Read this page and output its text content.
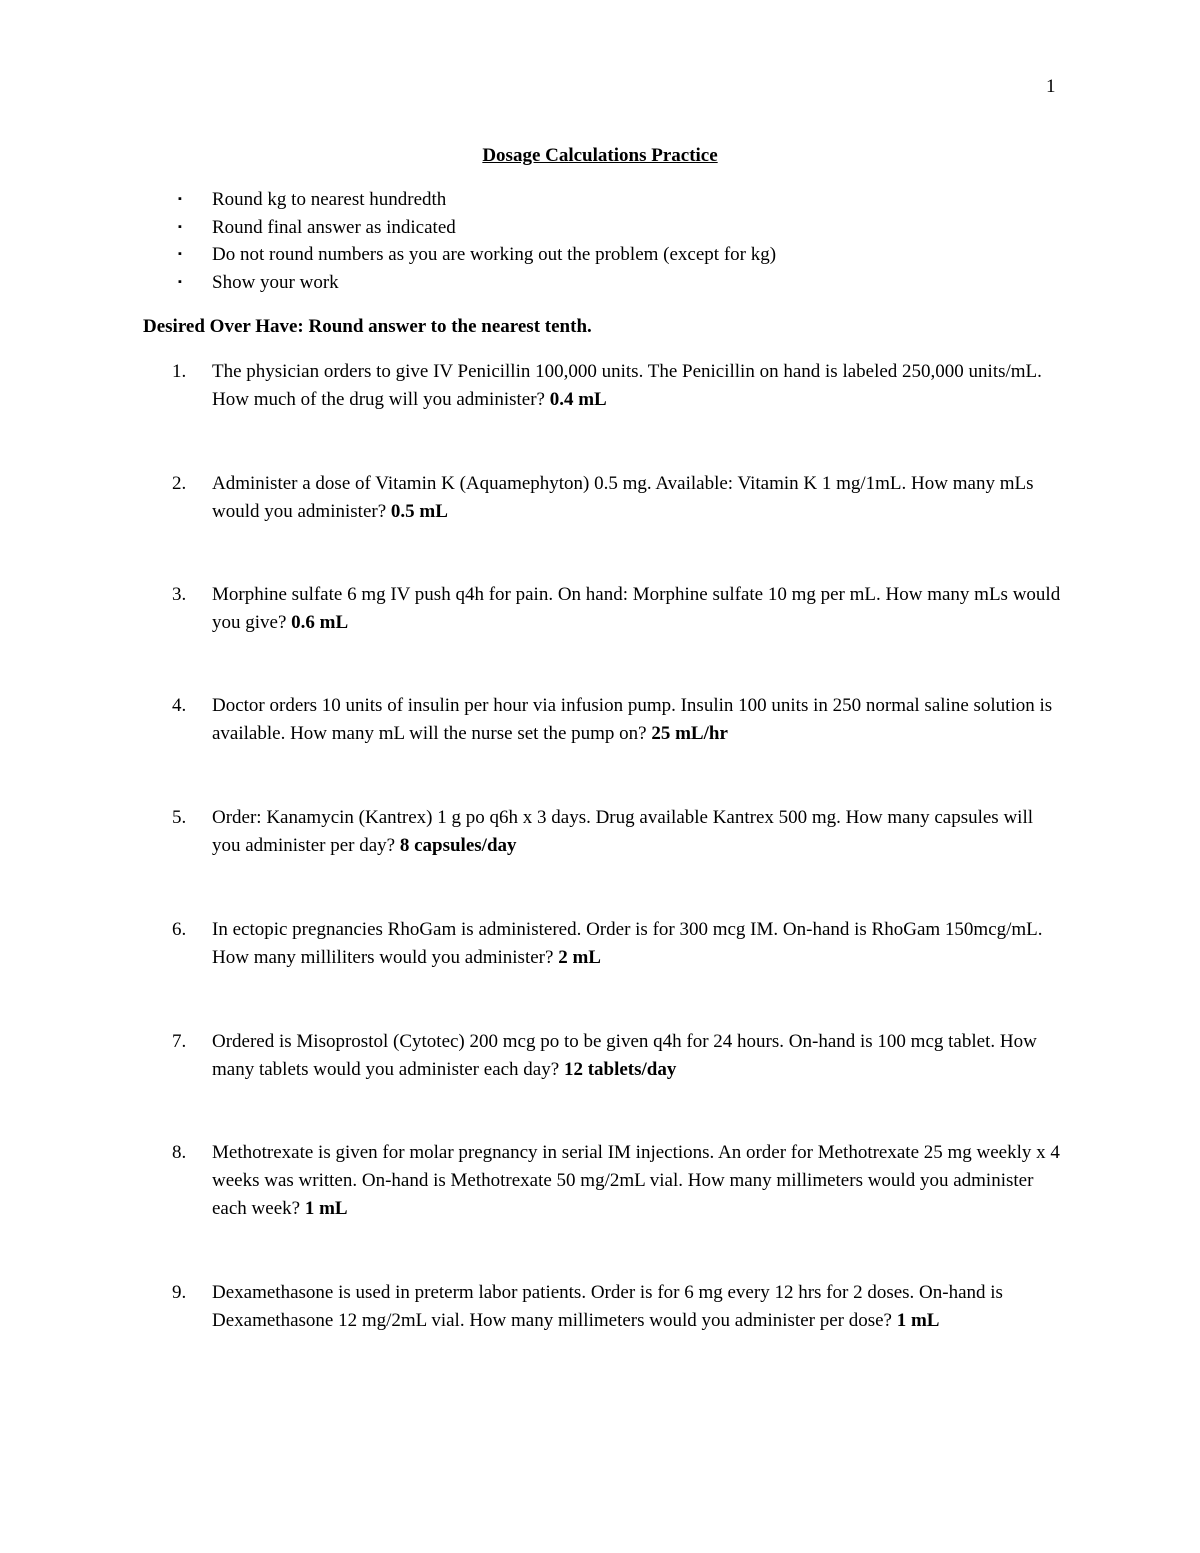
1
Dosage Calculations Practice
▪ Round kg to nearest hundredth
▪ Round final answer as indicated
▪ Do not round numbers as you are working out the problem (except for kg)
▪ Show your work
Desired Over Have: Round answer to the nearest tenth.
1.	The physician orders to give IV Penicillin 100,000 units. The Penicillin on hand is labeled 250,000 units/mL. How much of the drug will you administer? 0.4 mL
2.	Administer a dose of Vitamin K (Aquamephyton) 0.5 mg. Available: Vitamin K 1 mg/1mL. How many mLs would you administer? 0.5 mL
3.	Morphine sulfate 6 mg IV push q4h for pain. On hand: Morphine sulfate 10 mg per mL. How many mLs would you give? 0.6 mL
4.	Doctor orders 10 units of insulin per hour via infusion pump. Insulin 100 units in 250 normal saline solution is available. How many mL will the nurse set the pump on? 25 mL/hr
5.	Order: Kanamycin (Kantrex) 1 g po q6h x 3 days. Drug available Kantrex 500 mg. How many capsules will you administer per day? 8 capsules/day
6.	In ectopic pregnancies RhoGam is administered. Order is for 300 mcg IM. On-hand is RhoGam 150mcg/mL. How many milliliters would you administer? 2 mL
7.	Ordered is Misoprostol (Cytotec) 200 mcg po to be given q4h for 24 hours. On-hand is 100 mcg tablet. How many tablets would you administer each day? 12 tablets/day
8.	Methotrexate is given for molar pregnancy in serial IM injections. An order for Methotrexate 25 mg weekly x 4 weeks was written. On-hand is Methotrexate 50 mg/2mL vial. How many millimeters would you administer each week? 1 mL
9.	Dexamethasone is used in preterm labor patients. Order is for 6 mg every 12 hrs for 2 doses. On-hand is Dexamethasone 12 mg/2mL vial. How many millimeters would you administer per dose? 1 mL
